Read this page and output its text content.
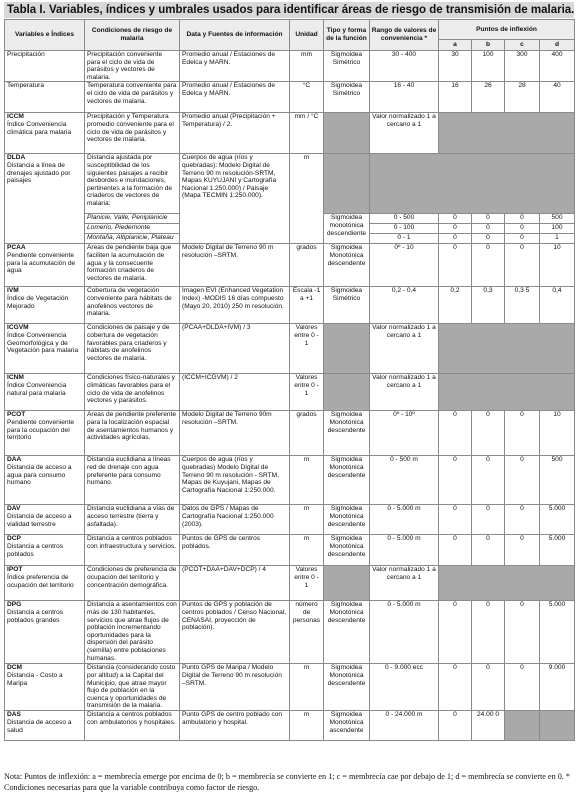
Tabla I. Variables, índices y umbrales usados para identificar áreas de riesgo de transmisión de malaria.
Variables e Índices	Condiciones de riesgo de malaria	Data y Fuentes de información	Unidad	Tipo y forma de la función	Rango de valores de conveniencia *	Puntos de inflexión			
						a	b	c	d
Precipitación	Precipitación conveniente para el ciclo de vida de parásitos y vectores de malaria.	Promedio anual / Estaciones de Edelca y MARN.	mm	Sigmoidea Simétrico	30 - 400	30	100	300	400
Temperatura	Temperatura conveniente para el ciclo de vida de parásitos y vectores de malaria.	Promedio anual / Estaciones de Edelca y MARN.	°C	Sigmoidea Simétrico	16 - 40	16	26	28	40

ICCM
Índice Conveniencia climática para malaria	Precipitación y Temperatura promedio conveniente para el ciclo de vida de parásitos y vectores de malaria.	Promedio anual (Precipitación + Temperatura) / 2.	mm / °C		Valor normalizado 1 a cercano a 1				

DLDA
Distancia a línea de drenajes ajustado por paisajes	Distancia ajustada por susceptibilidad de los siguientes paisajes a recibir desbordes e inundaciones, pertinentes a la formación de criaderos de vectores de malaria:	Cuerpos de agua (ríos y quebradas): Modelo Digital de Terreno 90 m resolución-SRTM, Mapas KUYUJANI y Cartografía Nacional 1:250.000) / Paisaje (Mapa TECMIN 1:250.000).	m						
	Planicie, Valle, Peniplanicie			Sigmoidea monotónica descendiente	0 - 500	0	0	0	500
	Lomerío, Piedemonte				0 - 100	0	0	0	100
	Montaña, Altiplanicie, Plateau				0 - 1	0	0	0	1

PCAA
Pendiente conveniente para la acumulación de agua	Áreas de pendiente baja que faciliten la acumulación de agua y la consecuente formación criaderos de vectores de malaria.	Modelo Digital de Terreno 90 m resolución –SRTM.	grados	Sigmoidea Monotónica descendente	0º - 10	0	0	0	10

IVM
Índice de Vegetación Mejorado	Cobertura de vegetación conveniente para hábitats de anofelinos vectores de malaria.	Imagen EVI (Enhanced Vegetation Index) -MODIS 16 días compuesto (Mayo 20, 2010) 250 m resolución.	Escala -1 a +1	Sigmoidea Simétrico	0,2 - 0,4	0,2	0,3	0,3 5	0,4

ICGVM
Índice Conveniencia Geomorfológica y de Vegetación para malaria	Condiciones de paisaje y de cobertura de vegetación favorables para criaderos y hábitats de anofelinos vectores de malaria.	(PCAA+DLDA+IVM) / 3	Valores entre 0 - 1		Valor normalizado 1 a cercano a 1				

ICNM
Índice Conveniencia natural para malaria	Condiciones físico-naturales y climáticas favorables para el ciclo de vida de anofelinos vectores y parásitos.	(ICCM+ICGVM) / 2	Valores entre 0 - 1		Valor normalizado 1 a cercano a 1				

PCOT
Pendiente conveniente para la ocupación del territorio	Áreas de pendiente preferente para la localización espacial de asentamientos humanos y actividades agrícolas.	Modelo Digital de Terreno 90m resolución –SRTM.	grados	Sigmoidea Monotónica descendente	0º - 10º	0	0	0	10

DAA
Distancia de acceso a agua para consumo humano	Distancia euclidiana a líneas red de drenaje con agua preferente para consumo humano.	Cuerpos de agua (ríos y quebradas) Modelo Digital de Terreno 90 m resolución - SRTM, Mapas de Kuyujani, Mapas de Cartografía Nacional 1:250.000.	m	Sigmoidea Monotónica descendente	0 - 500 m	0	0	0	500

DAV
Distancia de acceso a vialidad terrestre	Distancia euclidiana a vías de acceso terrestre (tierra y asfaltada).	Datos de GPS / Mapas de Cartografía Nacional 1:250.000 (2003).	m	Sigmoidea Monotónica descendente	0 - 5.000 m	0	0	0	5.000

DCP
Distancia a centros poblados	Distancia a centros poblados con infraestructura y servicios.	Puntos de GPS de centros poblados.	m	Sigmoidea Monotónica descendente	0 - 5.000 m	0	0	0	5.000

IPOT
Índice preferencia de ocupación del territorio	Condiciones de preferencia de ocupación del territorio y concentración demográfica.	(PCOT+DAA+DAV+DCP) / 4	Valores entre 0 - 1		Valor normalizado 1 a cercano a 1				

DPG
Distancia a centros poblados grandes	Distancia a asentamientos con más de 130 habitantes, servicios que atrae flujos de población incrementando oportunidades para la dispersión del parásito (semilla) entre poblaciones humanas.	Puntos de GPS y población de centros poblados / Censo Nacional, CENASAI, proyección de población).	número de personas	Sigmoidea Monotónica descendente	0 - 5.000 m	0	0	0	5.000

DCM
Distancia - Costo a Maripa	Distancia (considerando costo por altitud) a la Capital del Municipio, que atrae mayor flujo de población en la cuenca y oportunidades de transmisión de la malaria.	Punto GPS de Maripa / Modelo Digital de Terreno 90 m resolución –SRTM.	m	Sigmoidea Monotónica descendente	0 - 9.000 ecc	0	0	0	9.000

DAS
Distancia de acceso a salud	Distancia a centros poblados con ambulatorios y hospitales.	Punto GPS de centro poblado con ambulatorio y hospital.	m	Sigmoidea Monotónica ascendente	0 - 24.000 m	0	24.00 0		
Nota: Puntos de inflexión: a = membrecía emerge por encima de 0; b = membrecía se convierte en 1; c = membrecía cae por debajo de 1; d = membrecía se convierte en 0. * Condiciones necesarias para que la variable contribuya como factor de riesgo.
